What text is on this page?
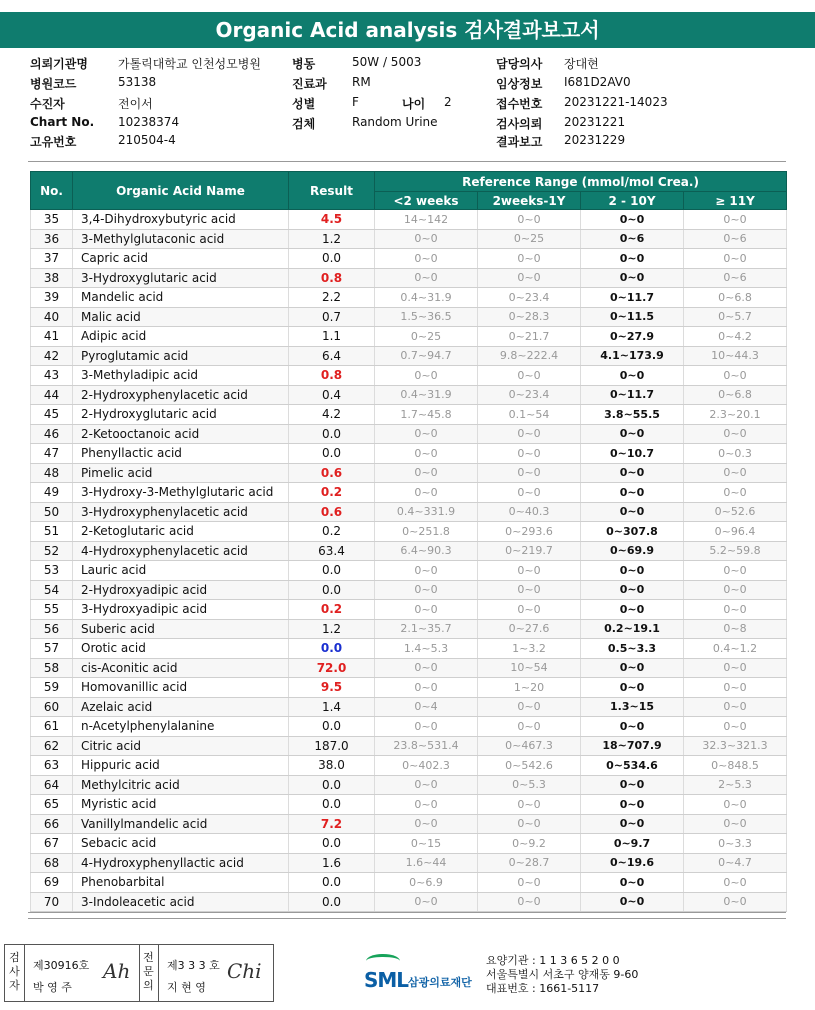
Organic Acid analysis 검사결과보고서
의뢰기관명	가톨릭대학교 인천성모병원	병동	50W / 5003	담당의사 장대현
병원코드	53138	진료과 RM	임상정보 I681D2AV0
수진자	전이서	성별	F	나이 2	접수번호 20231221-14023
Chart No. 10238374	검체	Random Urine	검사의뢰 20231221
고유번호	210504-4	결과보고 20231229
No.	Organic Acid Name	Result	Reference Range (mmol/mol Crea.)			
			<2 weeks	2weeks-1Y	2 - 10Y	≥ 11Y
35	3,4-Dihydroxybutyric acid	4.5	14~142	0~0	0~0	0~0
36	3-Methylglutaconic acid	1.2	0~0	0~25	0~6	0~6
37	Capric acid	0.0	0~0	0~0	0~0	0~0
38	3-Hydroxyglutaric acid	0.8	0~0	0~0	0~0	0~6
39	Mandelic acid	2.2	0.4~31.9	0~23.4	0~11.7	0~6.8
40	Malic acid	0.7	1.5~36.5	0~28.3	0~11.5	0~5.7
41	Adipic acid	1.1	0~25	0~21.7	0~27.9	0~4.2
42	Pyroglutamic acid	6.4	0.7~94.7	9.8~222.4	4.1~173.9	10~44.3
43	3-Methyladipic acid	0.8	0~0	0~0	0~0	0~0
44	2-Hydroxyphenylacetic acid	0.4	0.4~31.9	0~23.4	0~11.7	0~6.8
45	2-Hydroxyglutaric acid	4.2	1.7~45.8	0.1~54	3.8~55.5	2.3~20.1
46	2-Ketooctanoic acid	0.0	0~0	0~0	0~0	0~0
47	Phenyllactic acid	0.0	0~0	0~0	0~10.7	0~0.3
48	Pimelic acid	0.6	0~0	0~0	0~0	0~0
49	3-Hydroxy-3-Methylglutaric acid	0.2	0~0	0~0	0~0	0~0
50	3-Hydroxyphenylacetic acid	0.6	0.4~331.9	0~40.3	0~0	0~52.6
51	2-Ketoglutaric acid	0.2	0~251.8	0~293.6	0~307.8	0~96.4
52	4-Hydroxyphenylacetic acid	63.4	6.4~90.3	0~219.7	0~69.9	5.2~59.8
53	Lauric acid	0.0	0~0	0~0	0~0	0~0
54	2-Hydroxyadipic acid	0.0	0~0	0~0	0~0	0~0
55	3-Hydroxyadipic acid	0.2	0~0	0~0	0~0	0~0
56	Suberic acid	1.2	2.1~35.7	0~27.6	0.2~19.1	0~8
57	Orotic acid	0.0	1.4~5.3	1~3.2	0.5~3.3	0.4~1.2
58	cis-Aconitic acid	72.0	0~0	10~54	0~0	0~0
59	Homovanillic acid	9.5	0~0	1~20	0~0	0~0
60	Azelaic acid	1.4	0~4	0~0	1.3~15	0~0
61	n-Acetylphenylalanine	0.0	0~0	0~0	0~0	0~0
62	Citric acid	187.0	23.8~531.4	0~467.3	18~707.9	32.3~321.3
63	Hippuric acid	38.0	0~402.3	0~542.6	0~534.6	0~848.5
64	Methylcitric acid	0.0	0~0	0~5.3	0~0	2~5.3
65	Myristic acid	0.0	0~0	0~0	0~0	0~0
66	Vanillylmandelic acid	7.2	0~0	0~0	0~0	0~0
67	Sebacic acid	0.0	0~15	0~9.2	0~9.7	0~3.3
68	4-Hydroxyphenyllactic acid	1.6	1.6~44	0~28.7	0~19.6	0~4.7
69	Phenobarbital	0.0	0~6.9	0~0	0~0	0~0
70	3-Indoleacetic acid	0.0	0~0	0~0	0~0	0~0
검
사
자
제30916호
박 영 주
Ah
전
문
의
제3 3 3 호
지 현 영
Chi	SML 삼광의료재단
요양기관 : 1 1 3 6 5 2 0 0
서울특별시 서초구 양재동 9-60
대표번호 : 1661-5117
